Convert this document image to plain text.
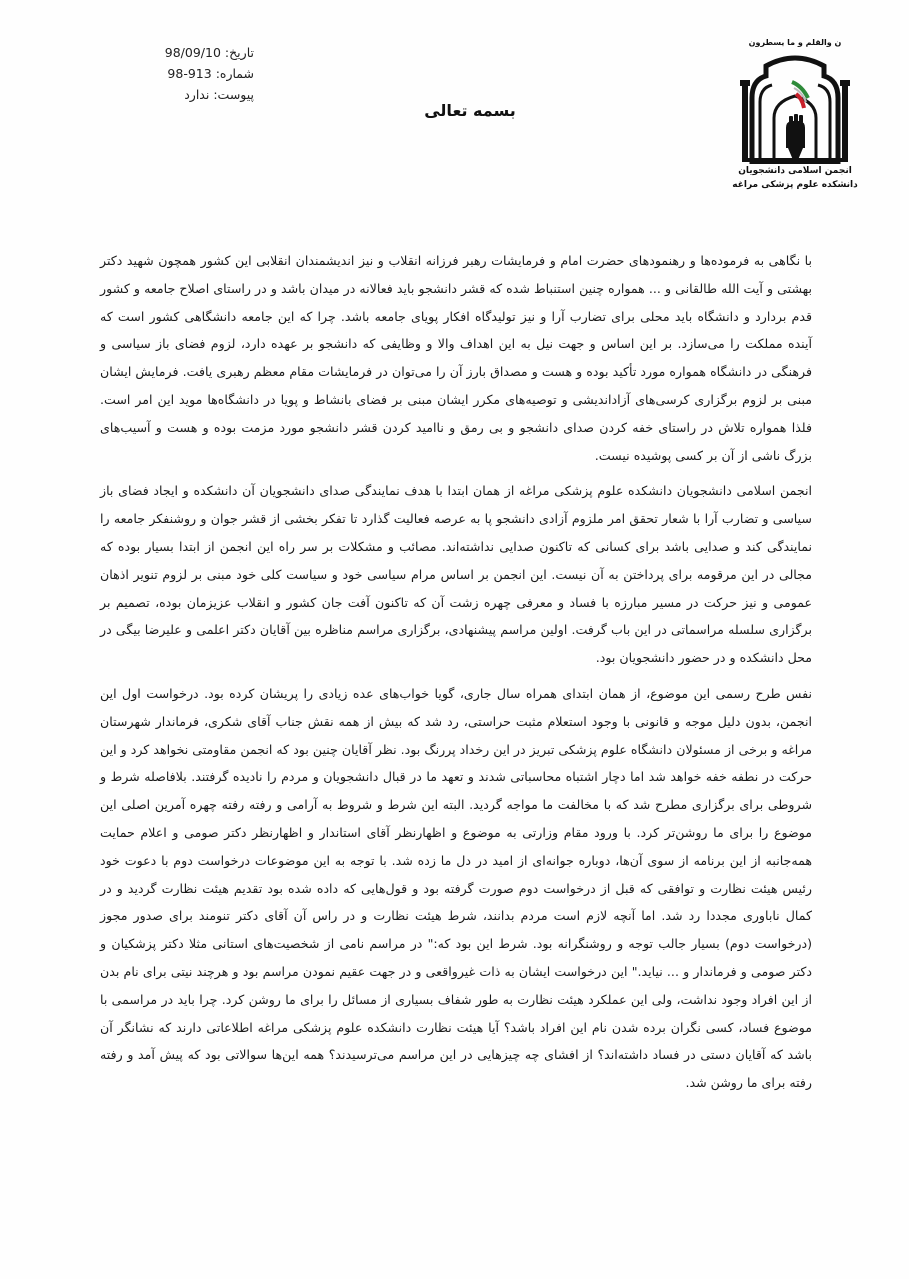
تاریخ: 98/09/10
شماره: 913-98
پیوست: ندارد
بسمه تعالی
ن والقلم و ما یسطرون
انجمن اسلامی دانشجویان
دانشکده علوم پزشکی مراغه

با نگاهی به فرموده‌ها و رهنمودهای حضرت امام و فرمایشات رهبر فرزانه انقلاب و نیز اندیشمندان انقلابی این کشور همچون شهید دکتر بهشتی و آیت الله طالقانی و ... همواره چنین استنباط شده که قشر دانشجو باید فعالانه در میدان باشد و در راستای اصلاح جامعه و کشور قدم بردارد و دانشگاه باید محلی برای تضارب آرا و نیز تولیدگاه افکار پویای جامعه باشد. چرا که این جامعه دانشگاهی کشور است که آینده مملکت را می‌سازد. بر این اساس و جهت نیل به این اهداف والا و وظایفی که دانشجو بر عهده دارد، لزوم فضای باز سیاسی و فرهنگی در دانشگاه همواره مورد تأکید بوده و هست و مصداق بارز آن را می‌توان در فرمایشات مقام معظم رهبری یافت. فرمایش ایشان مبنی بر لزوم برگزاری کرسی‌های آزاداندیشی و توصیه‌های مکرر ایشان مبنی بر فضای بانشاط و پویا در دانشگاه‌ها موید این امر است. فلذا همواره تلاش در راستای خفه کردن صدای دانشجو و بی رمق و ناامید کردن قشر دانشجو مورد مزمت بوده و هست و آسیب‌های بزرگ ناشی از آن بر کسی پوشیده نیست.

انجمن اسلامی دانشجویان دانشکده علوم پزشکی مراغه از همان ابتدا با هدف نمایندگی صدای دانشجویان آن دانشکده و ایجاد فضای باز سیاسی و تضارب آرا با شعار تحقق امر ملزوم آزادی دانشجو پا به عرصه فعالیت گذارد تا تفکر بخشی از قشر جوان و روشنفکر جامعه را نمایندگی کند و صدایی باشد برای کسانی که تاکنون صدایی نداشته‌اند. مصائب و مشکلات بر سر راه این انجمن از ابتدا بسیار بوده که مجالی در این مرقومه برای پرداختن به آن نیست. این انجمن بر اساس مرام سیاسی خود و سیاست کلی خود مبنی بر لزوم تنویر اذهان عمومی و نیز حرکت در مسیر مبارزه با فساد و معرفی چهره زشت آن که تاکنون آفت جان کشور و انقلاب عزیزمان بوده، تصمیم بر برگزاری سلسله مراسماتی در این باب گرفت. اولین مراسم پیشنهادی، برگزاری مراسم مناظره بین آقایان دکتر اعلمی و علیرضا بیگی در محل دانشکده و در حضور دانشجویان بود.

نفس طرح رسمی این موضوع، از همان ابتدای همراه سال جاری، گویا خواب‌های عده زیادی را پریشان کرده بود. درخواست اول این انجمن، بدون دلیل موجه و قانونی با وجود استعلام مثبت حراستی، رد شد که بیش از همه نقش جناب آقای شکری، فرماندار شهرستان مراغه و برخی از مسئولان دانشگاه علوم پزشکی تبریز در این رخداد پررنگ بود. نظر آقایان چنین بود که انجمن مقاومتی نخواهد کرد و این حرکت در نطفه خفه خواهد شد اما دچار اشتباه محاسباتی شدند و تعهد ما در قبال دانشجویان و مردم را نادیده گرفتند. بلافاصله شرط و شروطی برای برگزاری مطرح شد که با مخالفت ما مواجه گردید. البته این شرط و شروط به آرامی و رفته رفته چهره آمرین اصلی این موضوع را برای ما روشن‌تر کرد. با ورود مقام وزارتی به موضوع و اظهارنظر آقای استاندار و اظهارنظر دکتر صومی و اعلام حمایت همه‌جانبه از این برنامه از سوی آن‌ها، دوباره جوانه‌ای از امید در دل ما زده شد. با توجه به این موضوعات درخواست دوم با دعوت خود رئیس هیئت نظارت و توافقی که قبل از درخواست دوم صورت گرفته بود و قول‌هایی که داده شده بود تقدیم هیئت نظارت گردید و در کمال ناباوری مجددا رد شد. اما آنچه لازم است مردم بدانند، شرط هیئت نظارت و در راس آن آقای دکتر تنومند برای صدور مجوز (درخواست دوم) بسیار جالب توجه و روشنگرانه بود. شرط این بود که:" در مراسم نامی از شخصیت‌های استانی مثلا دکتر پزشکیان و دکتر صومی و فرماندار و ... نیاید." این درخواست ایشان به ذات غیرواقعی و در جهت عقیم نمودن مراسم بود و هرچند نیتی برای نام بدن از این افراد وجود نداشت، ولی این عملکرد هیئت نظارت به طور شفاف بسیاری از مسائل را برای ما روشن کرد. چرا باید در مراسمی با موضوع فساد، کسی نگران برده شدن نام این افراد باشد؟ آیا هیئت نظارت دانشکده علوم پزشکی مراغه اطلاعاتی دارند که نشانگر آن باشد که آقایان دستی در فساد داشته‌اند؟ از افشای چه چیزهایی در این مراسم می‌ترسیدند؟ همه این‌ها سوالاتی بود که پیش آمد و رفته رفته برای ما روشن شد.
